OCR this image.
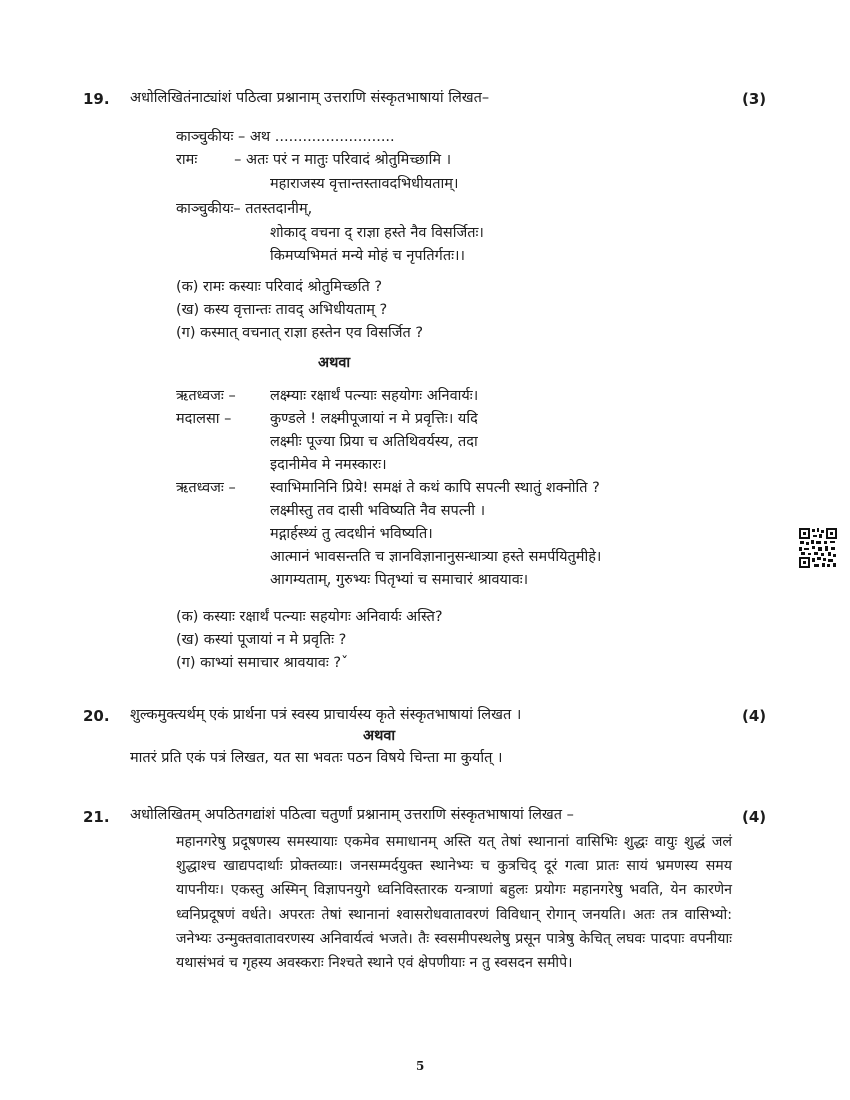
19. अधोलिखितंनाट्यांशं पठित्वा प्रश्नानाम् उत्तराणि संस्कृतभाषायां लिखत–	(3)
काञ्चुकीयः – अथ ..........................
रामः        – अतः परं न मातुः परिवादं श्रोतुमिच्छामि ।
महाराजस्य वृत्तान्तस्तावदभिधीयताम्।
काञ्चुकीयः– ततस्तदानीम्,
शोकाद् वचना द् राज्ञा हस्ते नैव विसर्जितः।
किमप्यभिमतं मन्ये मोहं च नृपतिर्गतः।।
(क) रामः कस्याः परिवादं श्रोतुमिच्छति ?
(ख) कस्य वृत्तान्तः तावद् अभिधीयताम् ?
(ग) कस्मात् वचनात् राज्ञा हस्तेन एव विसर्जित ?
अथवा
ऋतध्वजः – लक्ष्म्याः रक्षार्थं पत्न्याः सहयोगः अनिवार्यः।
मदालसा –	कुण्डले ! लक्ष्मीपूजायां न मे प्रवृत्तिः। यदि
लक्ष्मीः पूज्या प्रिया च अतिथिवर्यस्य, तदा
इदानीमेव मे नमस्कारः।
ऋतध्वजः – स्वाभिमानिनि प्रिये! समक्षं ते कथं कापि सपत्नी स्थातुं शक्नोति ?
लक्ष्मीस्तु तव दासी भविष्यति नैव सपत्नी ।
मद्गार्हस्थ्यं तु त्वदधीनं भविष्यति।
आत्मानं भावसन्तति च ज्ञानविज्ञानानुसन्धात्र्या हस्ते समर्पयितुमीहे।
आगम्यताम्, गुरुभ्यः पितृभ्यां च समाचारं श्रावयावः।
(क) कस्याः रक्षार्थं पत्न्याः सहयोगः अनिवार्यः अस्ति?
(ख) कस्यां पूजायां न मे प्रवृतिः ?
(ग) काभ्यां समाचार श्रावयावः ?ˇ
20. शुल्कमुक्त्यर्थम् एकं प्रार्थना पत्रं स्वस्य प्राचार्यस्य कृते संस्कृतभाषायां लिखत ।	(4)
अथवा
मातरं प्रति एकं पत्रं लिखत, यत सा भवतः पठन विषये चिन्ता मा कुर्यात् ।
21. अधोलिखितम् अपठितगद्यांशं पठित्वा चतुर्णां प्रश्नानाम् उत्तराणि संस्कृतभाषायां लिखत –	(4)
महानगरेषु प्रदूषणस्य समस्यायाः एकमेव समाधानम् अस्ति यत् तेषां स्थानानां वासिभिः शुद्धः वायुः शुद्धं जलं शुद्धाश्च खाद्यपदार्थाः प्रोक्तव्याः। जनसम्मर्दयुक्त स्थानेभ्यः च कुत्रचिद् दूरं गत्वा प्रातः सायं भ्रमणस्य समय यापनीयः। एकस्तु अस्मिन् विज्ञापनयुगे ध्वनिविस्तारक यन्त्राणां बहुलः प्रयोगः महानगरेषु भवति, येन कारणेन ध्वनिप्रदूषणं वर्धते। अपरतः तेषां स्थानानां श्वासरोधवातावरणं विविधान् रोगान् जनयति। अतः तत्र वासिभ्यो: जनेभ्यः उन्मुक्तवातावरणस्य अनिवार्यत्वं भजते। तैः स्वसमीपस्थलेषु प्रसून पात्रेषु केचित् लघवः पादपाः वपनीयाः यथासंभवं च गृहस्य अवस्कराः निश्चते स्थाने एवं क्षेपणीयाः न तु स्वसदन समीपे।
5
